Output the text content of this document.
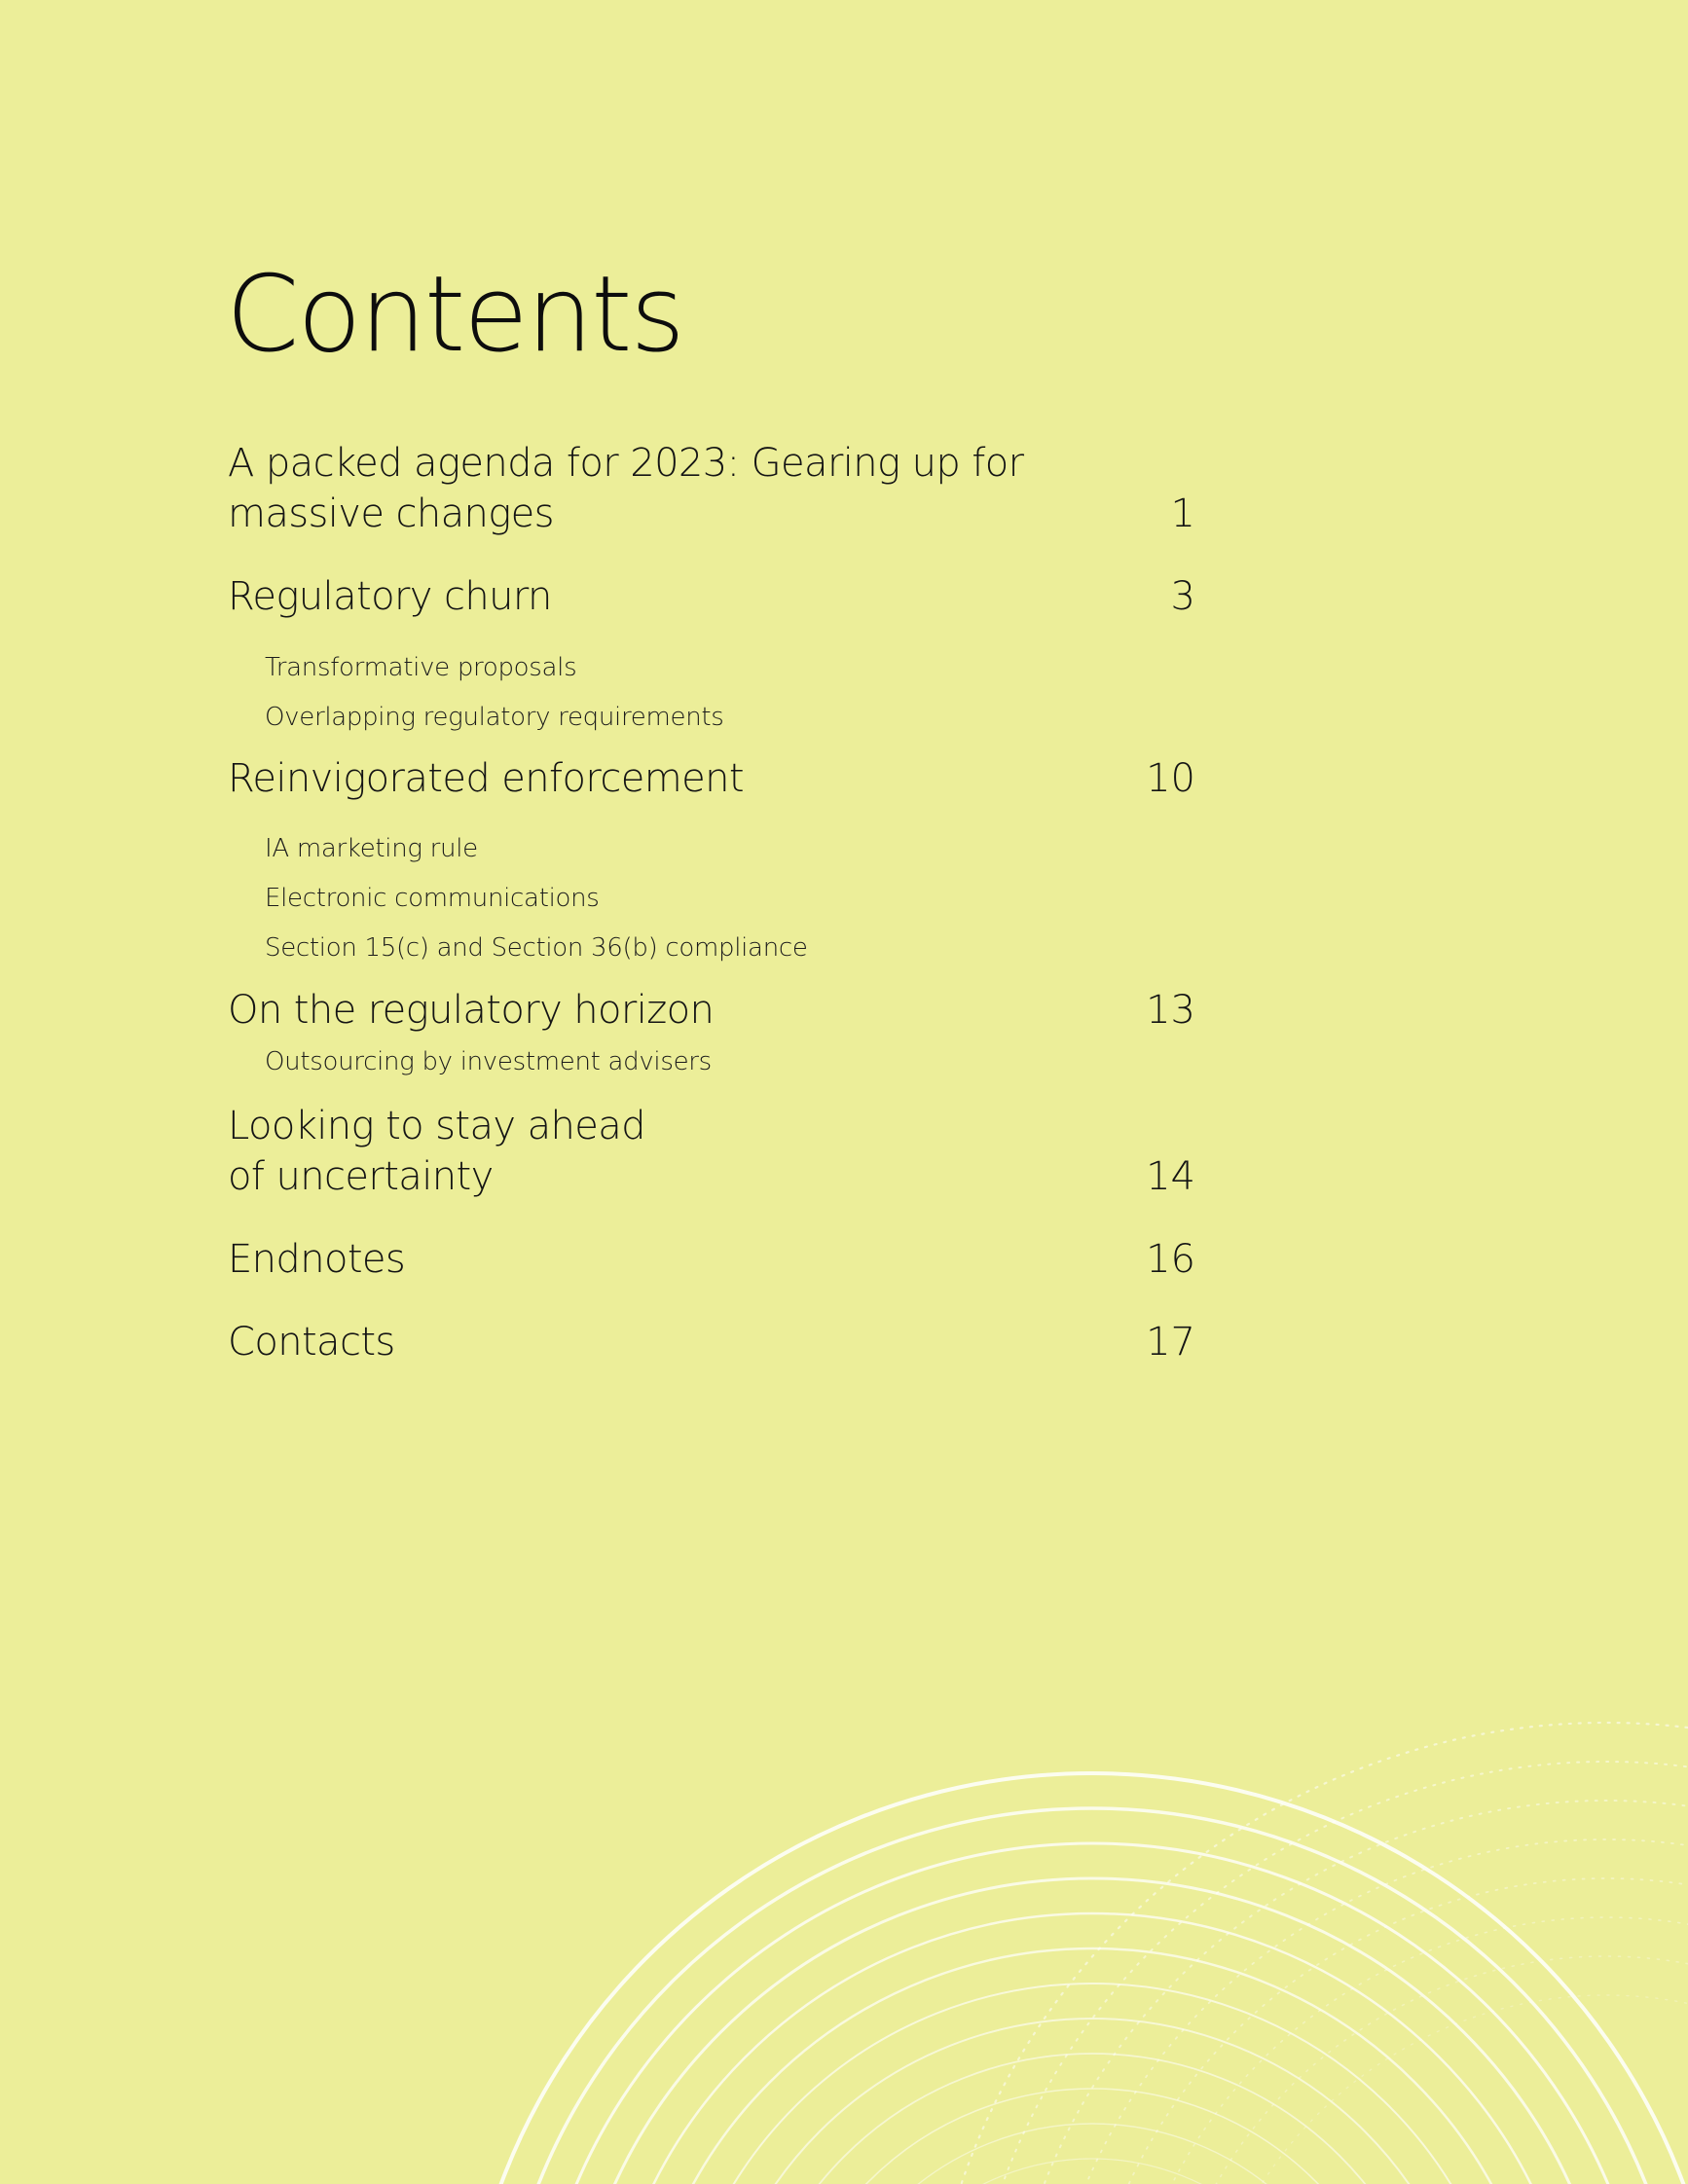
Contents
A packed agenda for 2023: Gearing up for
massive changes	1
Regulatory churn	3
Transformative proposals
Overlapping regulatory requirements
Reinvigorated enforcement	10
IA marketing rule
Electronic communications
Section 15(c) and Section 36(b) compliance
On the regulatory horizon	13
Outsourcing by investment advisers
Looking to stay ahead
of uncertainty	14
Endnotes	16
Contacts	17
